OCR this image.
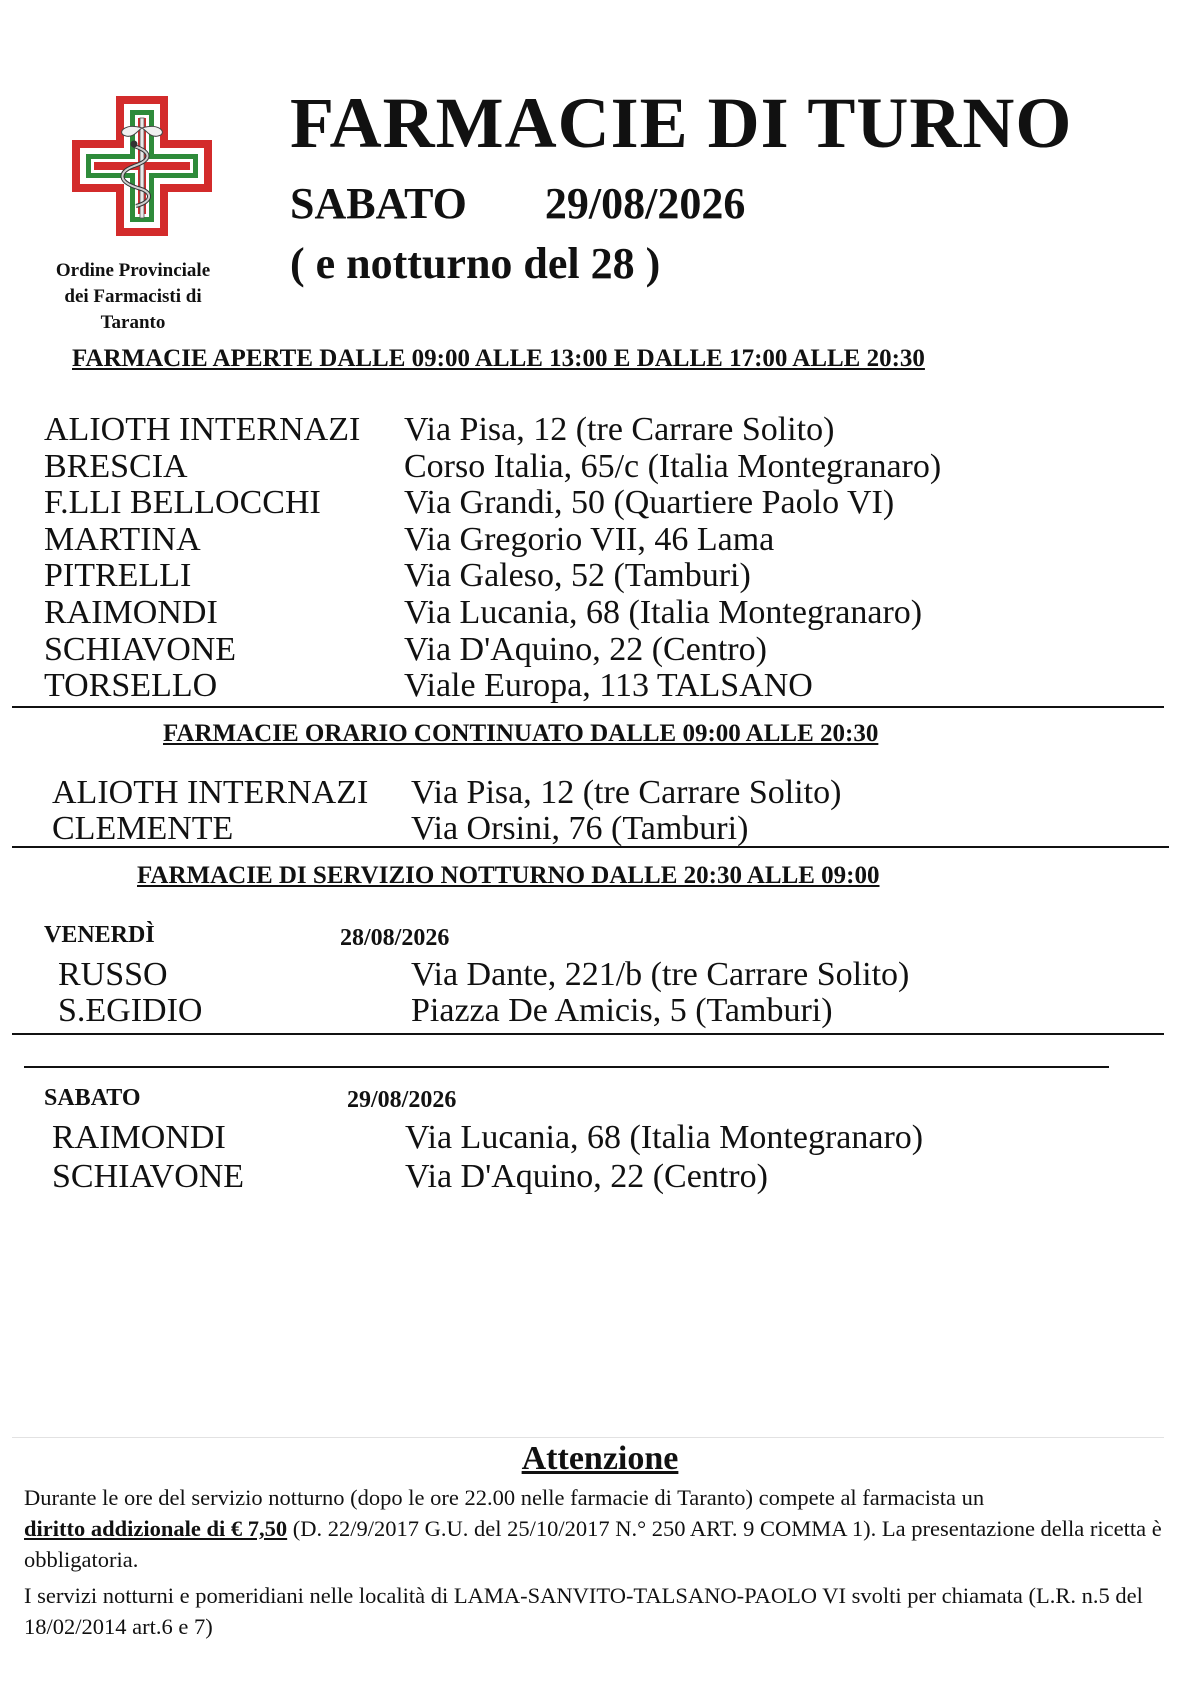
Ordine Provinciale
dei Farmacisti di
Taranto
FARMACIE DI TURNO
SABATO 29/08/2026
( e notturno del 28 )
FARMACIE APERTE DALLE 09:00 ALLE 13:00 E DALLE 17:00 ALLE 20:30
ALIOTH INTERNAZI Via Pisa, 12 (tre Carrare Solito)
BRESCIA	Corso Italia, 65/c (Italia Montegranaro)
F.LLI BELLOCCHI Via Grandi, 50 (Quartiere Paolo VI)
MARTINA	Via Gregorio VII, 46 Lama
PITRELLI	Via Galeso, 52 (Tamburi)
RAIMONDI	Via Lucania, 68 (Italia Montegranaro)
SCHIAVONE	Via D'Aquino, 22 (Centro)
TORSELLO	Viale Europa, 113 TALSANO
FARMACIE ORARIO CONTINUATO DALLE 09:00 ALLE 20:30
ALIOTH INTERNAZI Via Pisa, 12 (tre Carrare Solito)
CLEMENTE	Via Orsini, 76 (Tamburi)
FARMACIE DI SERVIZIO NOTTURNO DALLE 20:30 ALLE 09:00
VENERDÌ	28/08/2026
RUSSO	Via Dante, 221/b (tre Carrare Solito)
S.EGIDIO	Piazza De Amicis, 5 (Tamburi)
SABATO	29/08/2026
RAIMONDI	Via Lucania, 68 (Italia Montegranaro)
SCHIAVONE	Via D'Aquino, 22 (Centro)
Attenzione
Durante le ore del servizio notturno (dopo le ore 22.00 nelle farmacie di Taranto) compete al farmacista un
diritto addizionale di € 7,50 (D. 22/9/2017 G.U. del 25/10/2017 N.° 250 ART. 9 COMMA 1). La presentazione della ricetta è obbligatoria.
I servizi notturni e pomeridiani nelle località di LAMA-SANVITO-TALSANO-PAOLO VI svolti per chiamata (L.R. n.5 del 18/02/2014 art.6 e 7)
